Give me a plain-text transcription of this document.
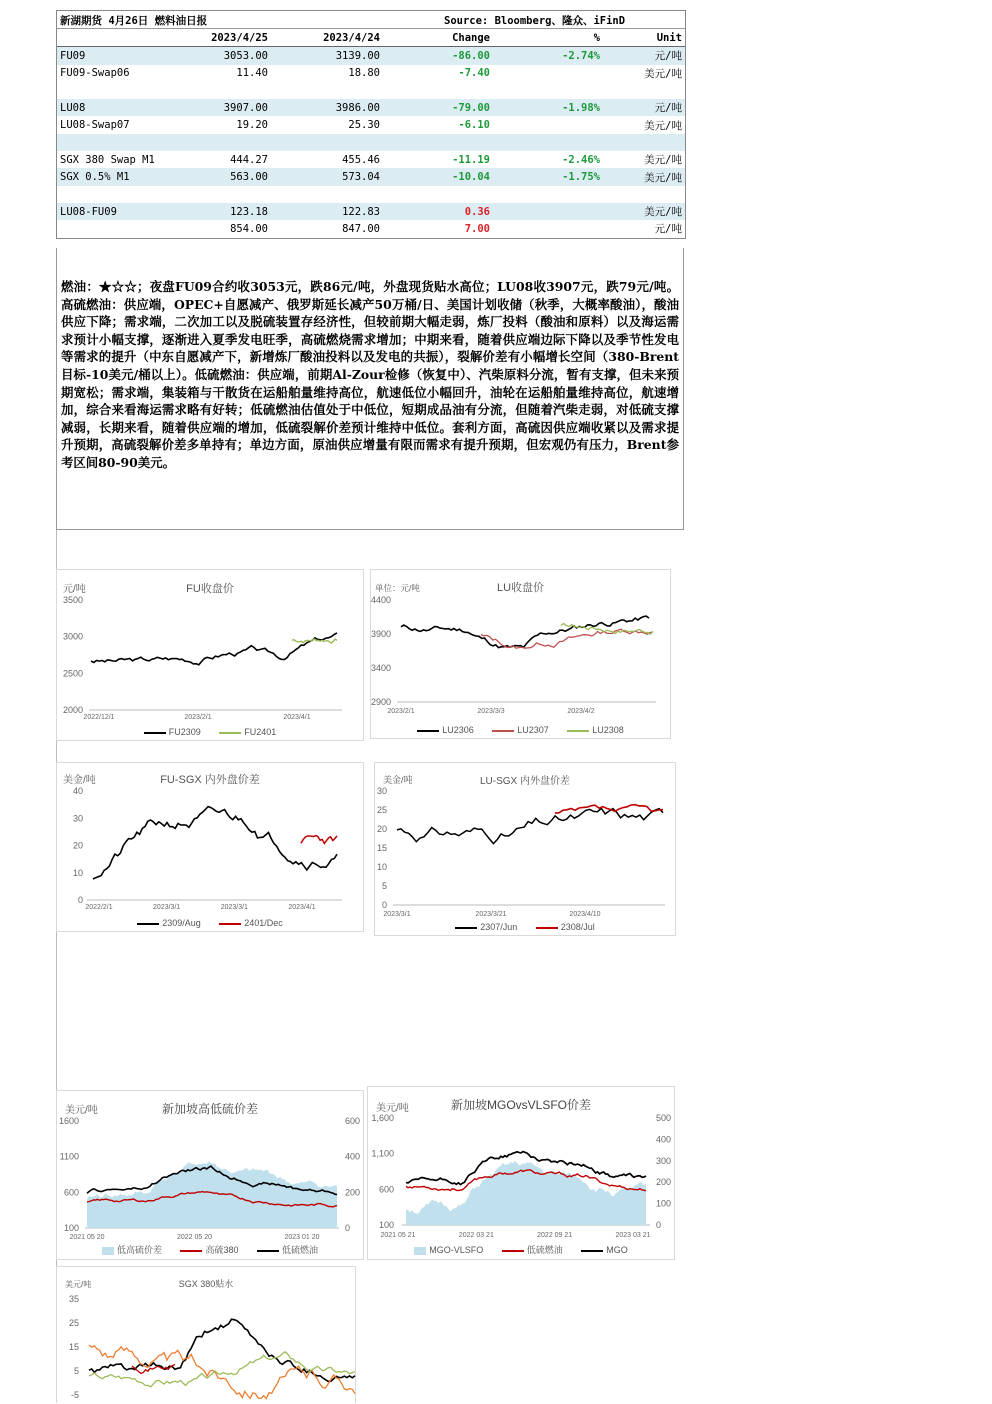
新湖期货 4月26日 燃料油日报	Source: Bloomberg、隆众、iFinD
	2023/4/25	2023/4/24	Change	%	Unit
FU09	3053.00	3139.00	-86.00	-2.74%	元/吨
FU09-Swap06	11.40	18.80	-7.40		美元/吨

LU08	3907.00	3986.00	-79.00	-1.98%	元/吨
LU08-Swap07	19.20	25.30	-6.10		美元/吨

SGX 380 Swap M1	444.27	455.46	-11.19	-2.46%	美元/吨
SGX 0.5% M1	563.00	573.04	-10.04	-1.75%	美元/吨

LU08-FU09	123.18	122.83	0.36		美元/吨
	854.00	847.00	7.00		元/吨

燃油：★☆☆；夜盘FU09合约收3053元，跌86元/吨，外盘现货贴水高位；LU08收3907元，跌79元/吨。高硫燃油：供应端，OPEC+自愿减产、俄罗斯延长减产50万桶/日、美国计划收储（秋季，大概率酸油），酸油供应下降；需求端，二次加工以及脱硫装置存经济性，但较前期大幅走弱，炼厂投料（酸油和原料）以及海运需求预计小幅支撑，逐渐进入夏季发电旺季，高硫燃烧需求增加；中期来看，随着供应端边际下降以及季节性发电等需求的提升（中东自愿减产下，新增炼厂酸油投料以及发电的共振），裂解价差有小幅增长空间（380-Brent目标-10美元/桶以上）。低硫燃油：供应端，前期Al-Zour检修（恢复中）、汽柴原料分流，暂有支撑，但未来预期宽松；需求端，集装箱与干散货在运船舶量维持高位，航速低位小幅回升，油轮在运船舶量维持高位，航速增加，综合来看海运需求略有好转；低硫燃油估值处于中低位，短期成品油有分流，但随着汽柴走弱，对低硫支撑减弱，长期来看，随着供应端的增加，低硫裂解价差预计维持中低位。套利方面，高硫因供应端收紧以及需求提升预期，高硫裂解价差多单持有；单边方面，原油供应增量有限而需求有提升预期，但宏观仍有压力，Brent参考区间80-90美元。

元/吨	FU收盘价
3500
3000
2500
2000
2022/12/1	2023/2/1	2023/4/1
FU2309	FU2401
单位：元/吨	LU收盘价
4400
3900
3400
2900
2023/2/1	2023/3/3	2023/4/2
LU2306	LU2307	LU2308
美金/吨	FU-SGX 内外盘价差
40
30
20
10
0
2022/2/1	2023/3/1	2023/3/1	2023/4/1
2309/Aug	2401/Dec
美金/吨	LU-SGX 内外盘价差
30
25
20
15
10
5
0
2023/3/1	2023/3/21	2023/4/10
2307/Jun	2308/Jul
美元/吨	新加坡高低硫价差
1600
1100
600
100
600
400
200
0
2021 05 20	2022 05 20	2023 01 20
低高硫价差	高硫380	低硫燃油
美元/吨	新加坡MGOvsVLSFO价差
1,600
1,100
600
100
500
400
300
200
100
0
2021 05 21	2022 03 21	2022 09 21	2023 03 21
MGO-VLSFO	低硫燃油	MGO
美元/吨	SGX 380贴水
35
25
15
5
-5
